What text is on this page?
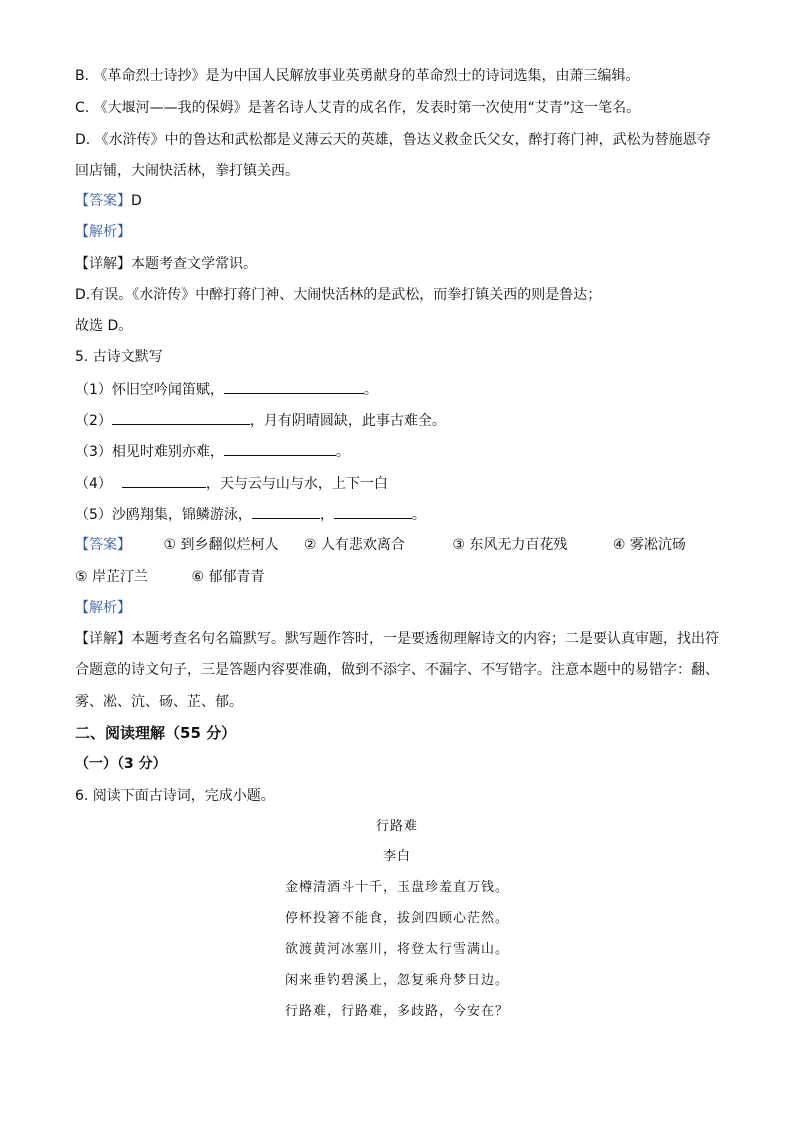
B. 《革命烈士诗抄》是为中国人民解放事业英勇献身的革命烈士的诗词选集，由萧三编辑。
C. 《大堰河——我的保姆》是著名诗人艾青的成名作，发表时第一次使用“艾青”这一笔名。
D. 《水浒传》中的鲁达和武松都是义薄云天的英雄，鲁达义救金氏父女，醉打蒋门神，武松为替施恩夺
回店铺，大闹快活林，拳打镇关西。
【答案】D
【解析】
【详解】本题考查文学常识。
D.有误。《水浒传》中醉打蒋门神、大闹快活林的是武松，而拳打镇关西的则是鲁达；
故选 D。
5. 古诗文默写
（1）怀旧空吟闻笛赋，	。
（2）	，月有阴晴圆缺，此事古难全。
（3）相见时难别亦难，	。
（4）	，天与云与山与水，上下一白
（5）沙鸥翔集，锦鳞游泳，	，	。
【答案】 ① 到乡翻似烂柯人 ② 人有悲欢离合	③ 东风无力百花残	④ 雾凇沆砀
⑤ 岸芷汀兰	⑥ 郁郁青青
【解析】
【详解】本题考查名句名篇默写。默写题作答时，一是要透彻理解诗文的内容；二是要认真审题，找出符
合题意的诗文句子，三是答题内容要准确，做到不添字、不漏字、不写错字。注意本题中的易错字：翻、
雾、凇、沆、砀、芷、郁。
二、阅读理解（55 分）
（一）（3 分）
6. 阅读下面古诗词，完成小题。
行路难
李白
金樽清酒斗十千，玉盘珍羞直万钱。
停杯投箸不能食，拔剑四顾心茫然。
欲渡黄河冰塞川，将登太行雪满山。
闲来垂钓碧溪上，忽复乘舟梦日边。
行路难，行路难，多歧路，今安在？
